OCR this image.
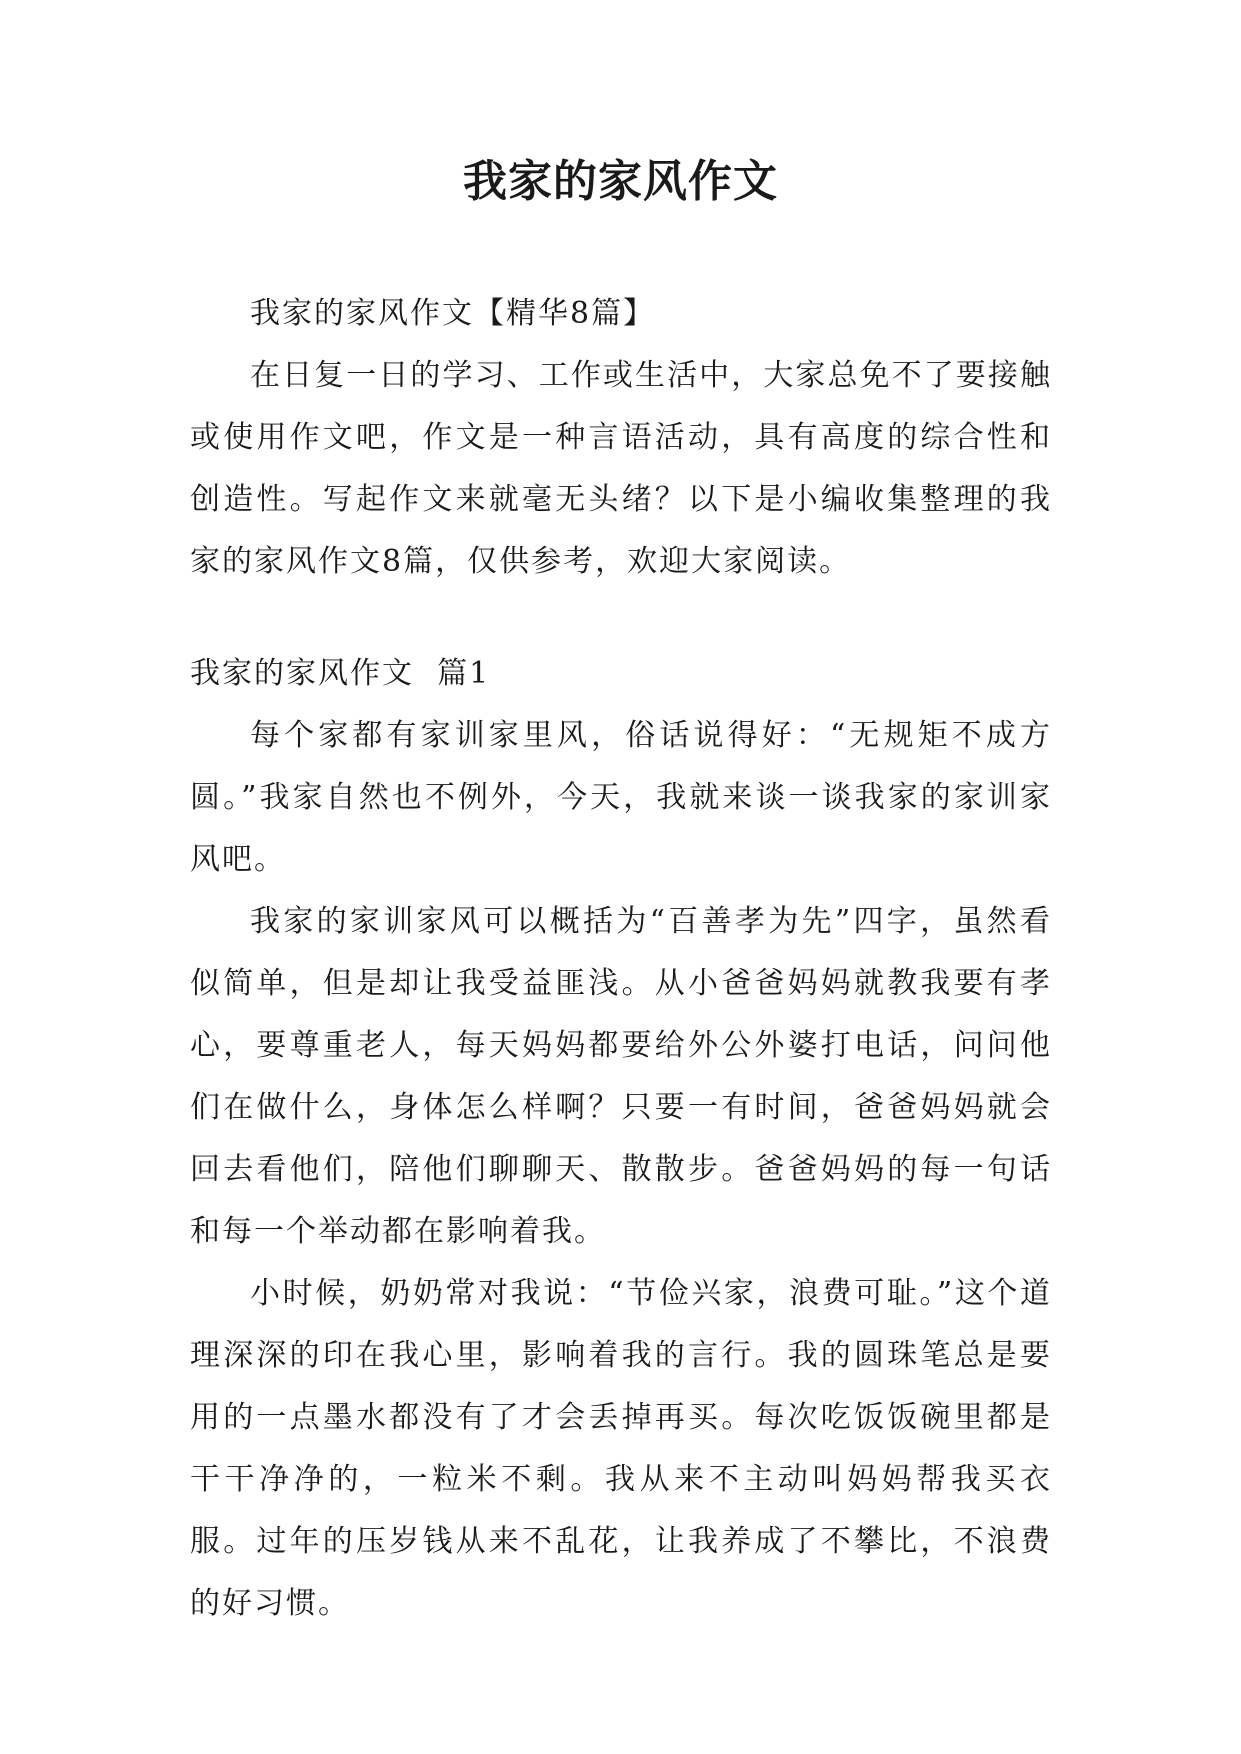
我家的家风作文

我家的家风作文【精华8篇】

在日复一日的学习、工作或生活中，大家总免不了要接触或使用作文吧，作文是一种言语活动，具有高度的综合性和创造性。写起作文来就毫无头绪？以下是小编收集整理的我家的家风作文8篇，仅供参考，欢迎大家阅读。

我家的家风作文  篇1

每个家都有家训家里风，俗话说得好：“无规矩不成方圆。”我家自然也不例外，今天，我就来谈一谈我家的家训家风吧。

我家的家训家风可以概括为“百善孝为先”四字，虽然看似简单，但是却让我受益匪浅。从小爸爸妈妈就教我要有孝心，要尊重老人，每天妈妈都要给外公外婆打电话，问问他们在做什么，身体怎么样啊？只要一有时间，爸爸妈妈就会回去看他们，陪他们聊聊天、散散步。爸爸妈妈的每一句话和每一个举动都在影响着我。

小时候，奶奶常对我说：“节俭兴家，浪费可耻。”这个道理深深的印在我心里，影响着我的言行。我的圆珠笔总是要用的一点墨水都没有了才会丢掉再买。每次吃饭饭碗里都是干干净净的，一粒米不剩。我从来不主动叫妈妈帮我买衣服。过年的压岁钱从来不乱花，让我养成了不攀比，不浪费的好习惯。
